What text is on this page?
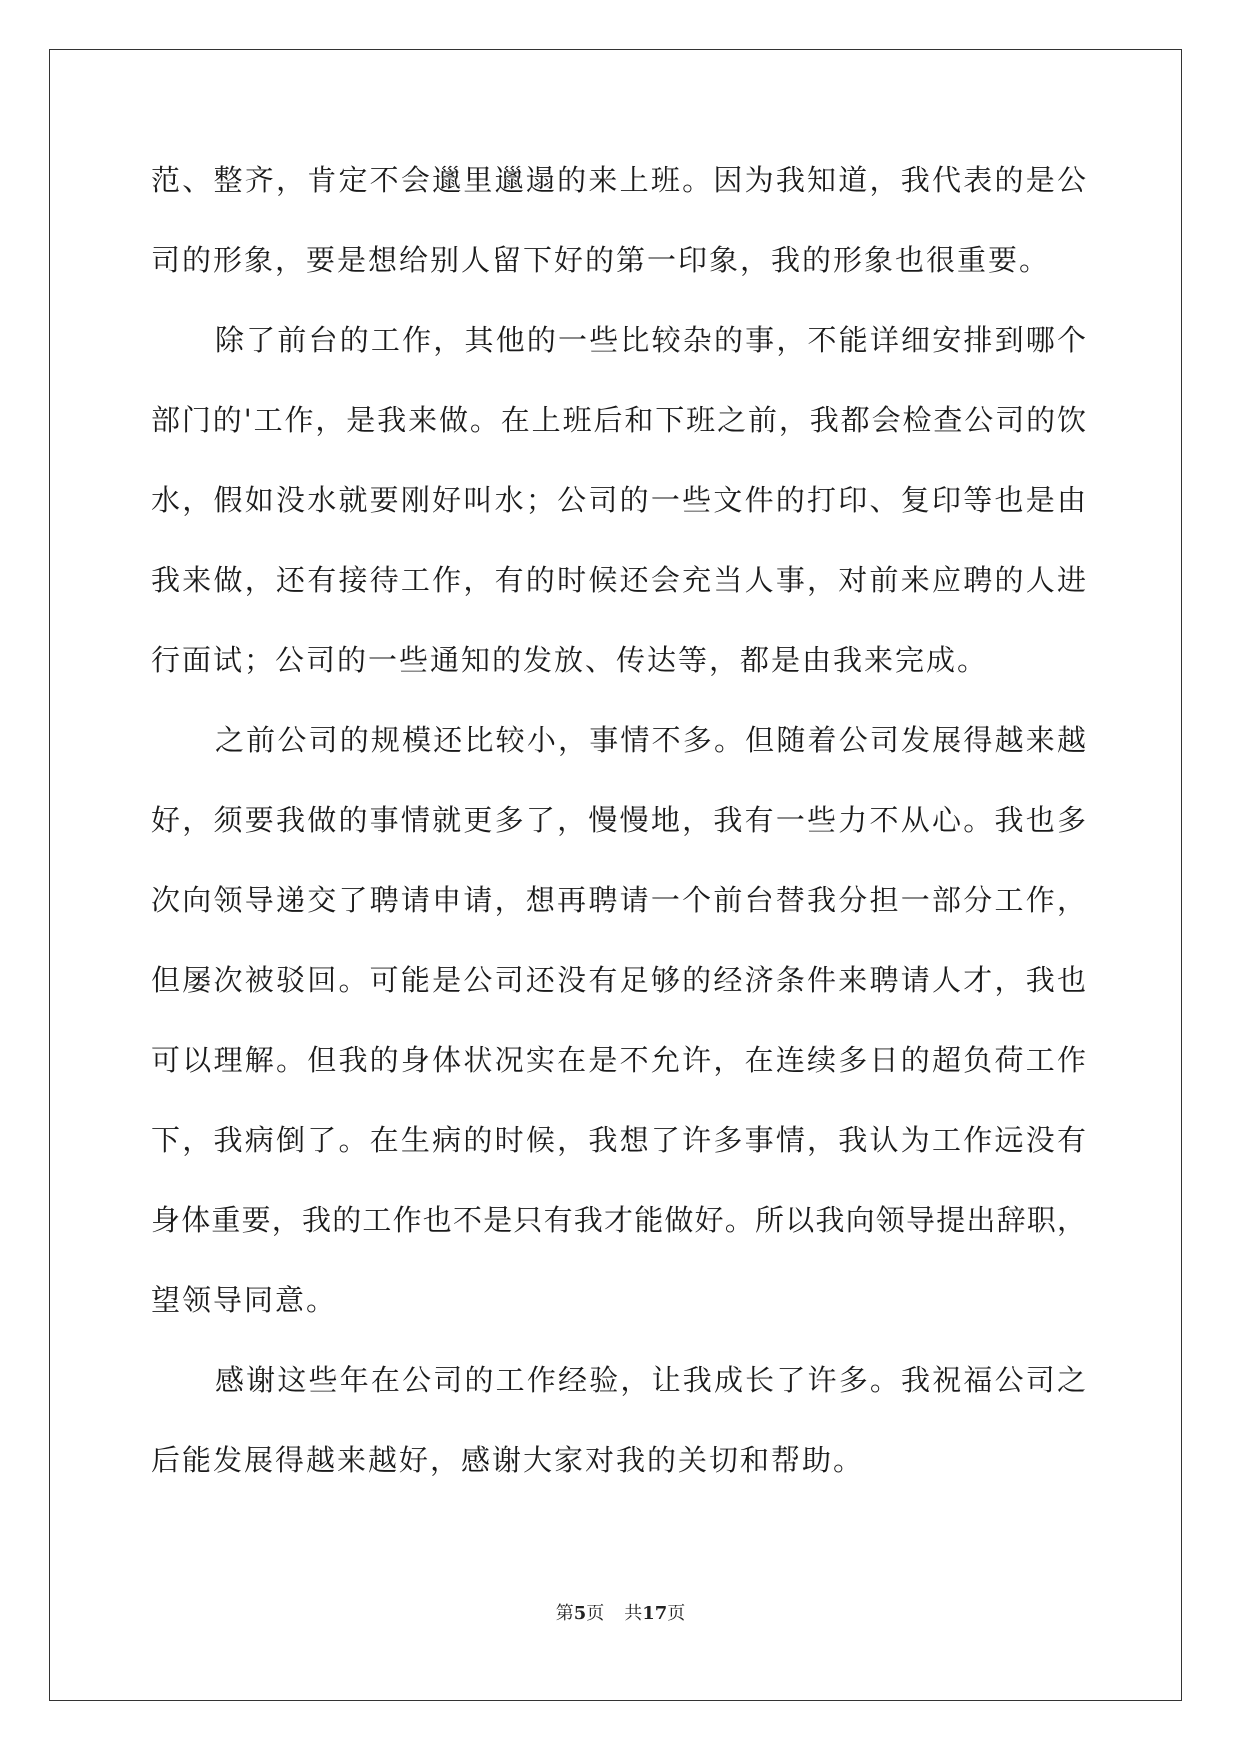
范、整齐，肯定不会邋里邋遢的来上班。因为我知道，我代表的是公
司的形象，要是想给别人留下好的第一印象，我的形象也很重要。
除了前台的工作，其他的一些比较杂的事，不能详细安排到哪个
部门的'工作，是我来做。在上班后和下班之前，我都会检查公司的饮
水，假如没水就要刚好叫水；公司的一些文件的打印、复印等也是由
我来做，还有接待工作，有的时候还会充当人事，对前来应聘的人进
行面试；公司的一些通知的发放、传达等，都是由我来完成。
之前公司的规模还比较小，事情不多。但随着公司发展得越来越
好，须要我做的事情就更多了，慢慢地，我有一些力不从心。我也多
次向领导递交了聘请申请，想再聘请一个前台替我分担一部分工作，
但屡次被驳回。可能是公司还没有足够的经济条件来聘请人才，我也
可以理解。但我的身体状况实在是不允许，在连续多日的超负荷工作
下，我病倒了。在生病的时候，我想了许多事情，我认为工作远没有
身体重要，我的工作也不是只有我才能做好。所以我向领导提出辞职，
望领导同意。
感谢这些年在公司的工作经验，让我成长了许多。我祝福公司之
后能发展得越来越好，感谢大家对我的关切和帮助。
第5页 共17页
